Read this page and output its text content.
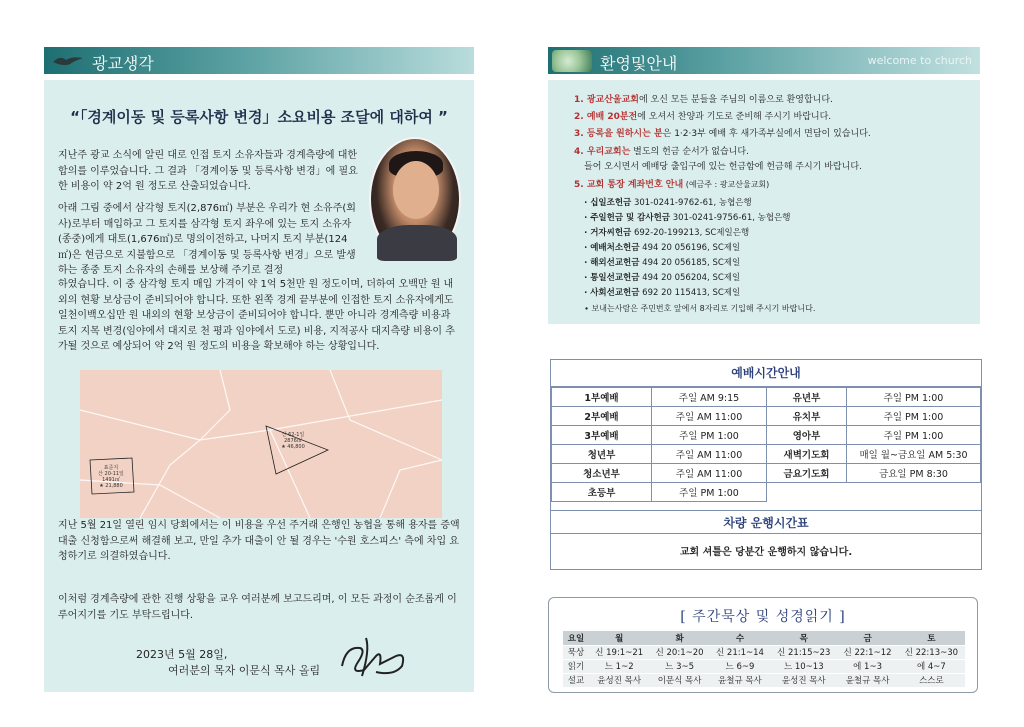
광교생각
“「경계이동 및 등록사항 변경」소요비용 조달에 대하여 ”
지난주 광교 소식에 알린 대로 인접 토지 소유자들과 경계측량에 대한 합의를 이루었습니다. 그 결과 「경계이동 및 등록사항 변경」에 필요한 비용이 약 2억 원 정도로 산출되었습니다.
아래 그림 중에서 삼각형 토지(2,876㎡) 부분은 우리가 현 소유주(회사)로부터 매입하고 그 토지를 삼각형 토지 좌우에 있는 토지 소유자(종중)에게 대토(1,676㎡)로 명의이전하고, 나머지 토지 부분(124㎡)은 현금으로 지불함으로 「경계이동 및 등록사항 변경」으로 발생하는 종중 토지 소유자의 손해를 보상해 주기로 결정
하였습니다. 이 중 삼각형 토지 매입 가격이 약 1억 5천만 원 정도이며, 더하여 오백만 원 내외의 현황 보상금이 준비되어야 합니다. 또한 왼쪽 경계 끝부분에 인접한 토지 소유자에게도 일천이백오십만 원 내외의 현황 보상금이 준비되어야 합니다. 뿐만 아니라 경계측량 비용과 토지 지목 변경(임야에서 대지로 천 평과 임야에서 도로) 비용, 지적공사 대지측량 비용이 추가될 것으로 예상되어 약 2억 원 정도의 비용을 확보해야 하는 상황입니다.
산 62-1일
2876㎡
★ 46,800
표준지
산 20-11일
1491㎡
★ 21,880
지난 5월 21일 열린 임시 당회에서는 이 비용을 우선 주거래 은행인 농협을 통해 용자를 증액 대출 신청함으로써 해결해 보고, 만일 추가 대출이 안 될 경우는 '수원 호스피스' 측에 차입 요청하기로 의결하였습니다.
이처럼 경계측량에 관한 진행 상황을 교우 여러분께 보고드리며, 이 모든 과정이 순조롭게 이루어지기를 기도 부탁드립니다.
2023년 5월 28일,
여러분의 목자 이문식 목사 올림
환영및안내	welcome to church
1. 광교산울교회에 오신 모든 분들을 주님의 이름으로 환영합니다.
2. 예배 20분전에 오셔서 찬양과 기도로 준비해 주시기 바랍니다.
3. 등록을 원하시는 분은 1·2·3부 예배 후 새가족부실에서 면담이 있습니다.
4. 우리교회는 별도의 헌금 순서가 없습니다.
들어 오시면서 예배당 출입구에 있는 헌금함에 헌금해 주시기 바랍니다.
5. 교회 통장 계좌번호 안내 (예금주 : 광교산울교회)
∙ 십일조헌금 301-0241-9762-61, 농협은행
∙ 주일헌금 및 감사헌금 301-0241-9756-61, 농협은행
∙ 거자씨헌금 692-20-199213, SC제일은행
∙ 예배처소헌금 494 20 056196, SC제일
∙ 해외선교헌금 494 20 056185, SC제일
∙ 통일선교헌금 494 20 056204, SC제일
∙ 사회선교헌금 692 20 115413, SC제일
∙ 보내는사람은 주민번호 앞에서 8자리로 기입해 주시기 바랍니다.
예배시간안내
1부예배	주일 AM 9:15	유년부	주일 PM 1:00
2부예배	주일 AM 11:00	유치부	주일 PM 1:00
3부예배	주일 PM 1:00	영아부	주일 PM 1:00
청년부	주일 AM 11:00	새벽기도회	매일 월~금요일 AM 5:30
청소년부	주일 AM 11:00	금요기도회	금요일 PM 8:30
초등부	주일 PM 1:00		
차량 운행시간표
교회 셔틀은 당분간 운행하지 않습니다.
[ 주간묵상 및 성경읽기 ]
요일	월	화	수	목	금	토
묵상	신 19:1~21	신 20:1~20	신 21:1~14	신 21:15~23	신 22:1~12	신 22:13~30
읽기	느 1~2	느 3~5	느 6~9	느 10~13	에 1~3	에 4~7
설교	윤성진 목사	이문식 목사	윤철규 목사	윤성진 목사	윤철규 목사	스스로
